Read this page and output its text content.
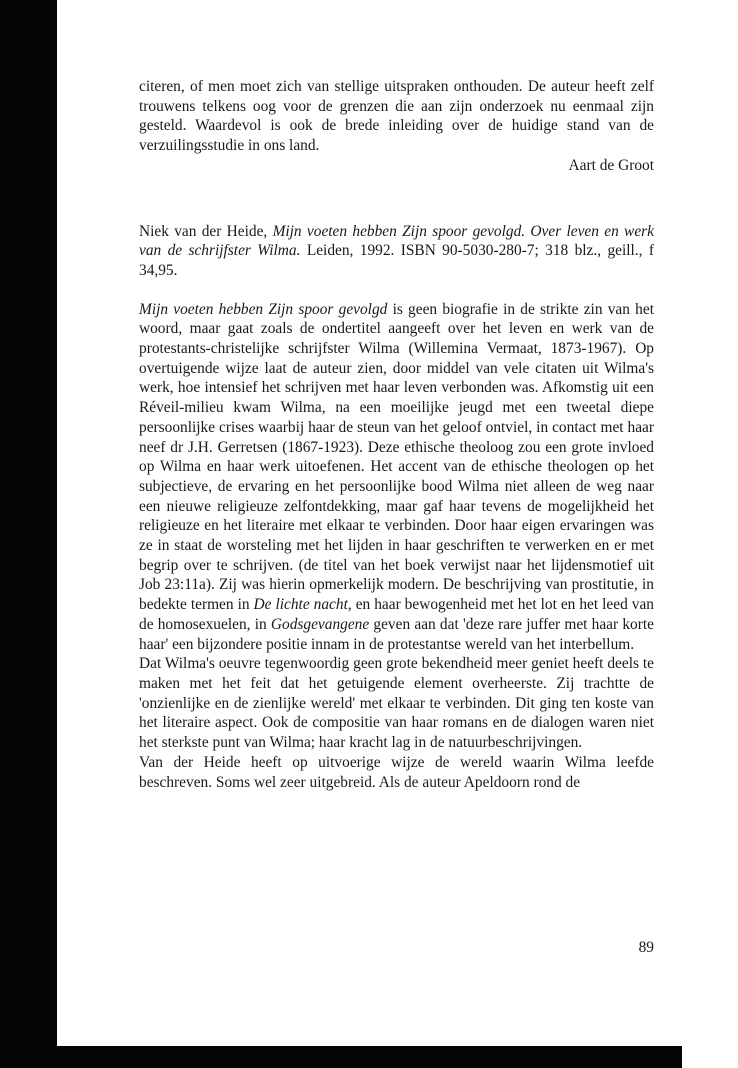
citeren, of men moet zich van stellige uitspraken onthouden. De auteur heeft zelf trouwens telkens oog voor de grenzen die aan zijn onderzoek nu eenmaal zijn gesteld. Waardevol is ook de brede inleiding over de huidige stand van de verzuilingsstudie in ons land.

Aart de Groot

Niek van der Heide, Mijn voeten hebben Zijn spoor gevolgd. Over leven en werk van de schrijfster Wilma. Leiden, 1992. ISBN 90-5030-280-7; 318 blz., geill., f 34,95.

Mijn voeten hebben Zijn spoor gevolgd is geen biografie in de strikte zin van het woord, maar gaat zoals de ondertitel aangeeft over het leven en werk van de protestants-christelijke schrijfster Wilma (Willemina Vermaat, 1873-1967). Op overtuigende wijze laat de auteur zien, door middel van vele citaten uit Wilma's werk, hoe intensief het schrijven met haar leven verbonden was. Afkomstig uit een Réveil-milieu kwam Wilma, na een moeilijke jeugd met een tweetal diepe persoonlijke crises waarbij haar de steun van het geloof ontviel, in contact met haar neef dr J.H. Gerretsen (1867-1923). Deze ethische theoloog zou een grote invloed op Wilma en haar werk uitoefenen. Het accent van de ethische theologen op het subjectieve, de ervaring en het persoonlijke bood Wilma niet alleen de weg naar een nieuwe religieuze zelfontdekking, maar gaf haar tevens de mogelijkheid het religieuze en het literaire met elkaar te verbinden. Door haar eigen ervaringen was ze in staat de worsteling met het lijden in haar geschriften te verwerken en er met begrip over te schrijven. (de titel van het boek verwijst naar het lijdensmotief uit Job 23:11a). Zij was hierin opmerkelijk modern. De beschrijving van prostitutie, in bedekte termen in De lichte nacht, en haar bewogenheid met het lot en het leed van de homosexuelen, in Godsgevangene geven aan dat 'deze rare juffer met haar korte haar' een bijzondere positie innam in de protestantse wereld van het interbellum.

Dat Wilma's oeuvre tegenwoordig geen grote bekendheid meer geniet heeft deels te maken met het feit dat het getuigende element overheerste. Zij trachtte de 'onzienlijke en de zienlijke wereld' met elkaar te verbinden. Dit ging ten koste van het literaire aspect. Ook de compositie van haar romans en de dialogen waren niet het sterkste punt van Wilma; haar kracht lag in de natuurbeschrijvingen.

Van der Heide heeft op uitvoerige wijze de wereld waarin Wilma leefde beschreven. Soms wel zeer uitgebreid. Als de auteur Apeldoorn rond de

89
